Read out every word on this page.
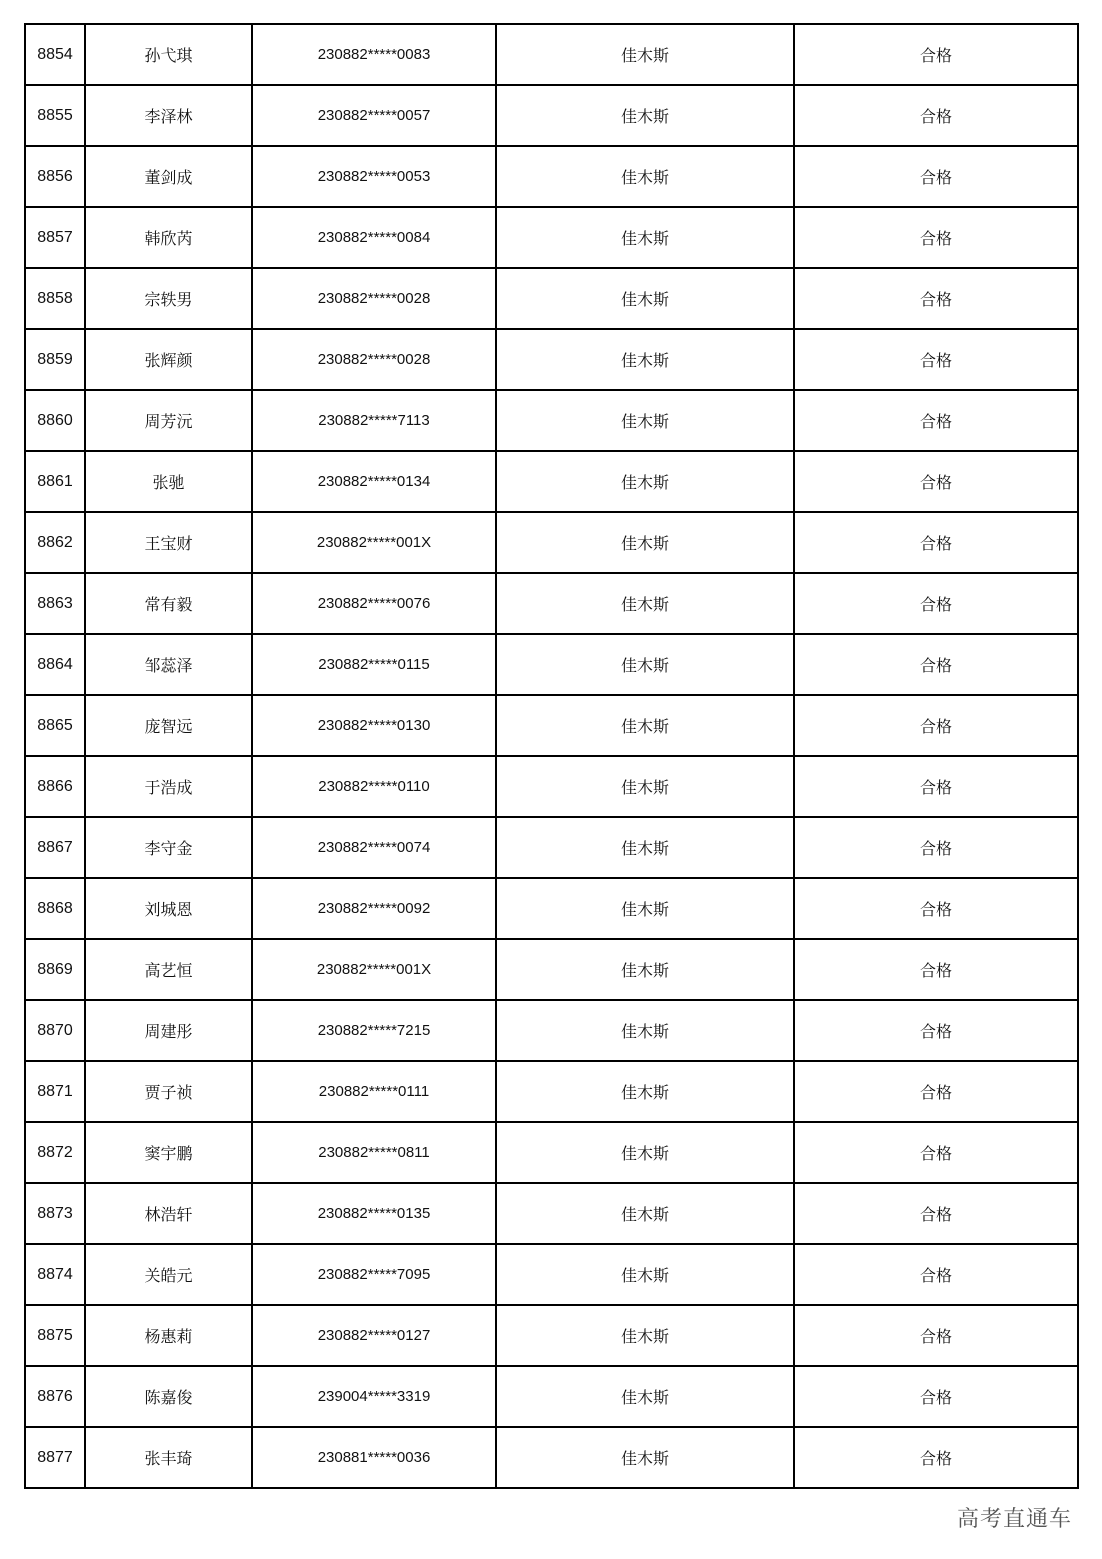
8854	孙弋琪	230882*****0083	佳木斯	合格
8855	李泽林	230882*****0057	佳木斯	合格
8856	董剑成	230882*****0053	佳木斯	合格
8857	韩欣芮	230882*****0084	佳木斯	合格
8858	宗轶男	230882*****0028	佳木斯	合格
8859	张辉颜	230882*****0028	佳木斯	合格
8860	周芳沅	230882*****7113	佳木斯	合格
8861	张驰	230882*****0134	佳木斯	合格
8862	王宝财	230882*****001X	佳木斯	合格
8863	常有毅	230882*****0076	佳木斯	合格
8864	邹蕊泽	230882*****0115	佳木斯	合格
8865	庞智远	230882*****0130	佳木斯	合格
8866	于浩成	230882*****0110	佳木斯	合格
8867	李守金	230882*****0074	佳木斯	合格
8868	刘城恩	230882*****0092	佳木斯	合格
8869	高艺恒	230882*****001X	佳木斯	合格
8870	周建彤	230882*****7215	佳木斯	合格
8871	贾子祯	230882*****0111	佳木斯	合格
8872	窦宇鹏	230882*****0811	佳木斯	合格
8873	林浩轩	230882*****0135	佳木斯	合格
8874	关皓元	230882*****7095	佳木斯	合格
8875	杨惠莉	230882*****0127	佳木斯	合格
8876	陈嘉俊	239004*****3319	佳木斯	合格
8877	张丰琦	230881*****0036	佳木斯	合格
高考直通车
